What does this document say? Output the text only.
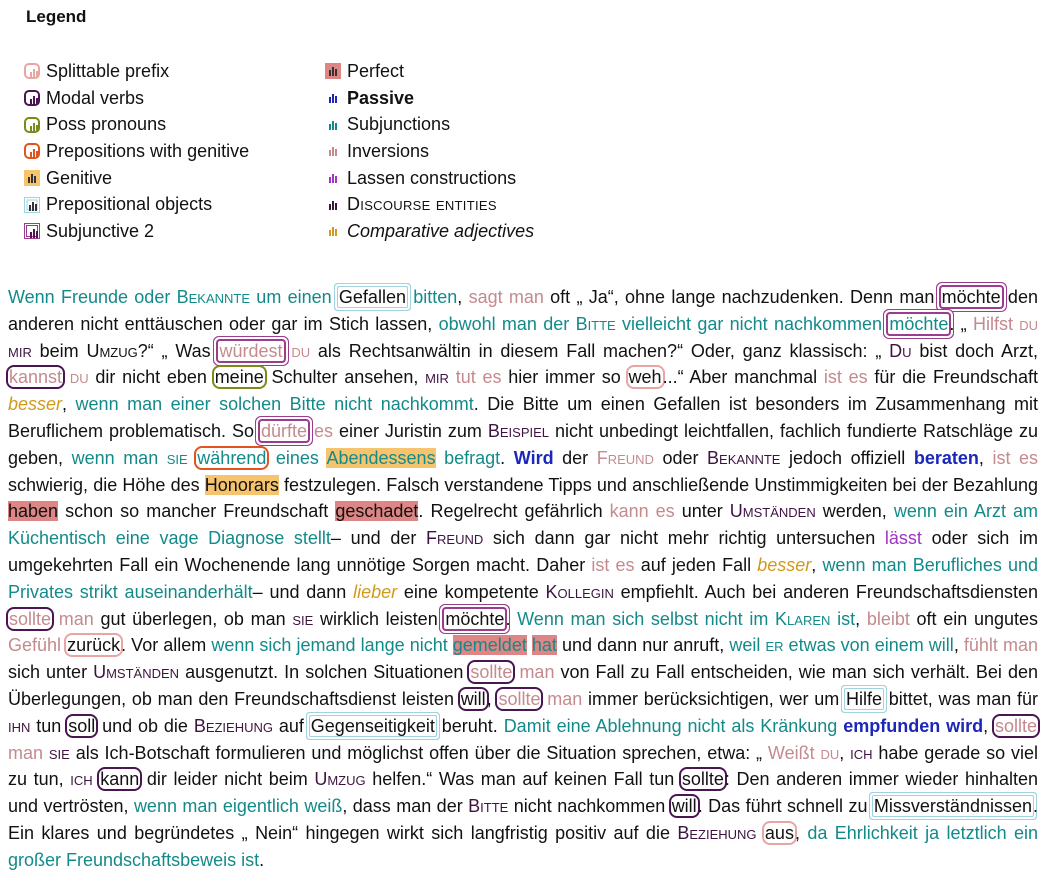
Legend
Splittable prefix
Modal verbs
Poss pronouns
Prepositions with genitive
Genitive
Prepositional objects
Subjunctive 2
Perfect
Passive
Subjunctions
Inversions
Lassen constructions
Discourse entities
Comparative adjectives
Wenn Freunde oder Bekannte um einen Gefallen bitten, sagt man oft „ Ja“, ohne lange nachzudenken. Denn man möchte den anderen nicht enttäuschen oder gar im Stich lassen, obwohl man der Bitte vielleicht gar nicht nachkommen möchte. „ Hilfst du mir beim Umzug?“ „ Was würdest du als Rechtsanwältin in diesem Fall machen?“ Oder, ganz klassisch: „ Du bist doch Arzt, kannst du dir nicht eben meine Schulter ansehen, mir tut es hier immer so weh...“ Aber manchmal ist es für die Freundschaft besser, wenn man einer solchen Bitte nicht nachkommt. Die Bitte um einen Gefallen ist besonders im Zusammenhang mit Beruflichem problematisch. So dürfte es einer Juristin zum Beispiel nicht unbedingt leichtfallen, fachlich fundierte Ratschläge zu geben, wenn man sie während eines Abendessens befragt. Wird der Freund oder Bekannte jedoch offiziell beraten, ist es schwierig, die Höhe des Honorars festzulegen. Falsch verstandene Tipps und anschließende Unstimmigkeiten bei der Bezahlung haben schon so mancher Freundschaft geschadet. Regelrecht gefährlich kann es unter Umständen werden, wenn ein Arzt am Küchentisch eine vage Diagnose stellt– und der Freund sich dann gar nicht mehr richtig untersuchen lässt oder sich im umgekehrten Fall ein Wochenende lang unnötige Sorgen macht. Daher ist es auf jeden Fall besser, wenn man Berufliches und Privates strikt auseinanderhält– und dann lieber eine kompetente Kollegin empfiehlt. Auch bei anderen Freundschaftsdiensten sollte man gut überlegen, ob man sie wirklich leisten möchte. Wenn man sich selbst nicht im Klaren ist, bleibt oft ein ungutes Gefühl zurück. Vor allem wenn sich jemand lange nicht gemeldet hat und dann nur anruft, weil er etwas von einem will, fühlt man sich unter Umständen ausgenutzt. In solchen Situationen sollte man von Fall zu Fall entscheiden, wie man sich verhält. Bei den Überlegungen, ob man den Freundschaftsdienst leisten will, sollte man immer berücksichtigen, wer um Hilfe bittet, was man für ihn tun soll und ob die Beziehung auf Gegenseitigkeit beruht. Damit eine Ablehnung nicht als Kränkung empfunden wird, sollte man sie als Ich-Botschaft formulieren und möglichst offen über die Situation sprechen, etwa: „ Weißt du, ich habe gerade so viel zu tun, ich kann dir leider nicht beim Umzug helfen.“ Was man auf keinen Fall tun sollte: Den anderen immer wieder hinhalten und vertrösten, wenn man eigentlich weiß, dass man der Bitte nicht nachkommen will. Das führt schnell zu Missverständnissen. Ein klares und begründetes „ Nein“ hingegen wirkt sich langfristig positiv auf die Beziehung aus, da Ehrlichkeit ja letztlich ein großer Freundschaftsbeweis ist.
